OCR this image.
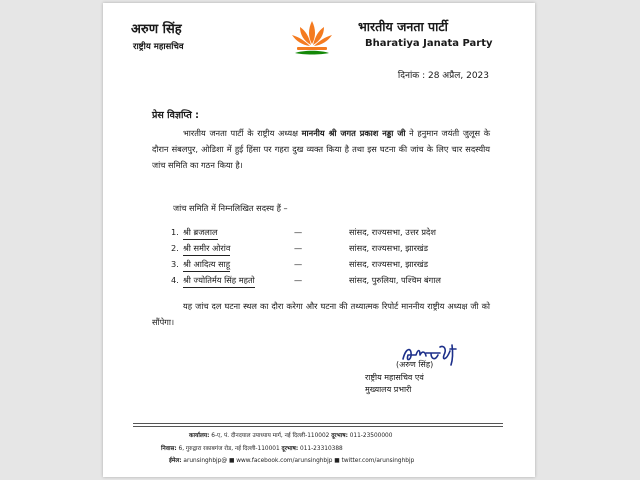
अरुण सिंह
राष्ट्रीय महासचिव
भारतीय जनता पार्टी
Bharatiya Janata Party
दिनांक : 28 अप्रैल, 2023
प्रेस विज्ञप्ति :
भारतीय जनता पार्टी के राष्ट्रीय अध्यक्ष माननीय श्री जगत प्रकाश नड्डा जी ने हनुमान जयंती जुलूस के दौरान संबलपुर, ओडिशा में हुई हिंसा पर गहरा दुख व्यक्त किया है तथा इस घटना की जांच के लिए चार सदस्यीय जांच समिति का गठन किया है।
जांच समिति में निम्नलिखित सदस्य हैं –
1. श्री ब्रजलाल	—	सांसद, राज्यसभा, उत्तर प्रदेश
2. श्री समीर ओरांव	—	सांसद, राज्यसभा, झारखंड
3. श्री आदित्य साहू	—	सांसद, राज्यसभा, झारखंड
4. श्री ज्योतिर्मय सिंह महतो	—	सांसद, पुरुलिया, पश्चिम बंगाल
यह जांच दल घटना स्थल का दौरा करेगा और घटना की तथ्यात्मक रिपोर्ट माननीय राष्ट्रीय अध्यक्ष जी को सौंपेगा।
(अरुण सिंह)
राष्ट्रीय महासचिव एवं
मुख्यालय प्रभारी
कार्यालय: 6-ए, पं. दीनदयाल उपाध्याय मार्ग, नई दिल्ली-110002 दूरभाष: 011-23500000
निवास: 6, गुरुद्वारा रकाबगंज रोड, नई दिल्ली-110001 दूरभाष: 011-23310388
ईमेल: arunsinghbjp@ ■ www.facebook.com/arunsinghbjp ■ twitter.com/arunsinghbjp
